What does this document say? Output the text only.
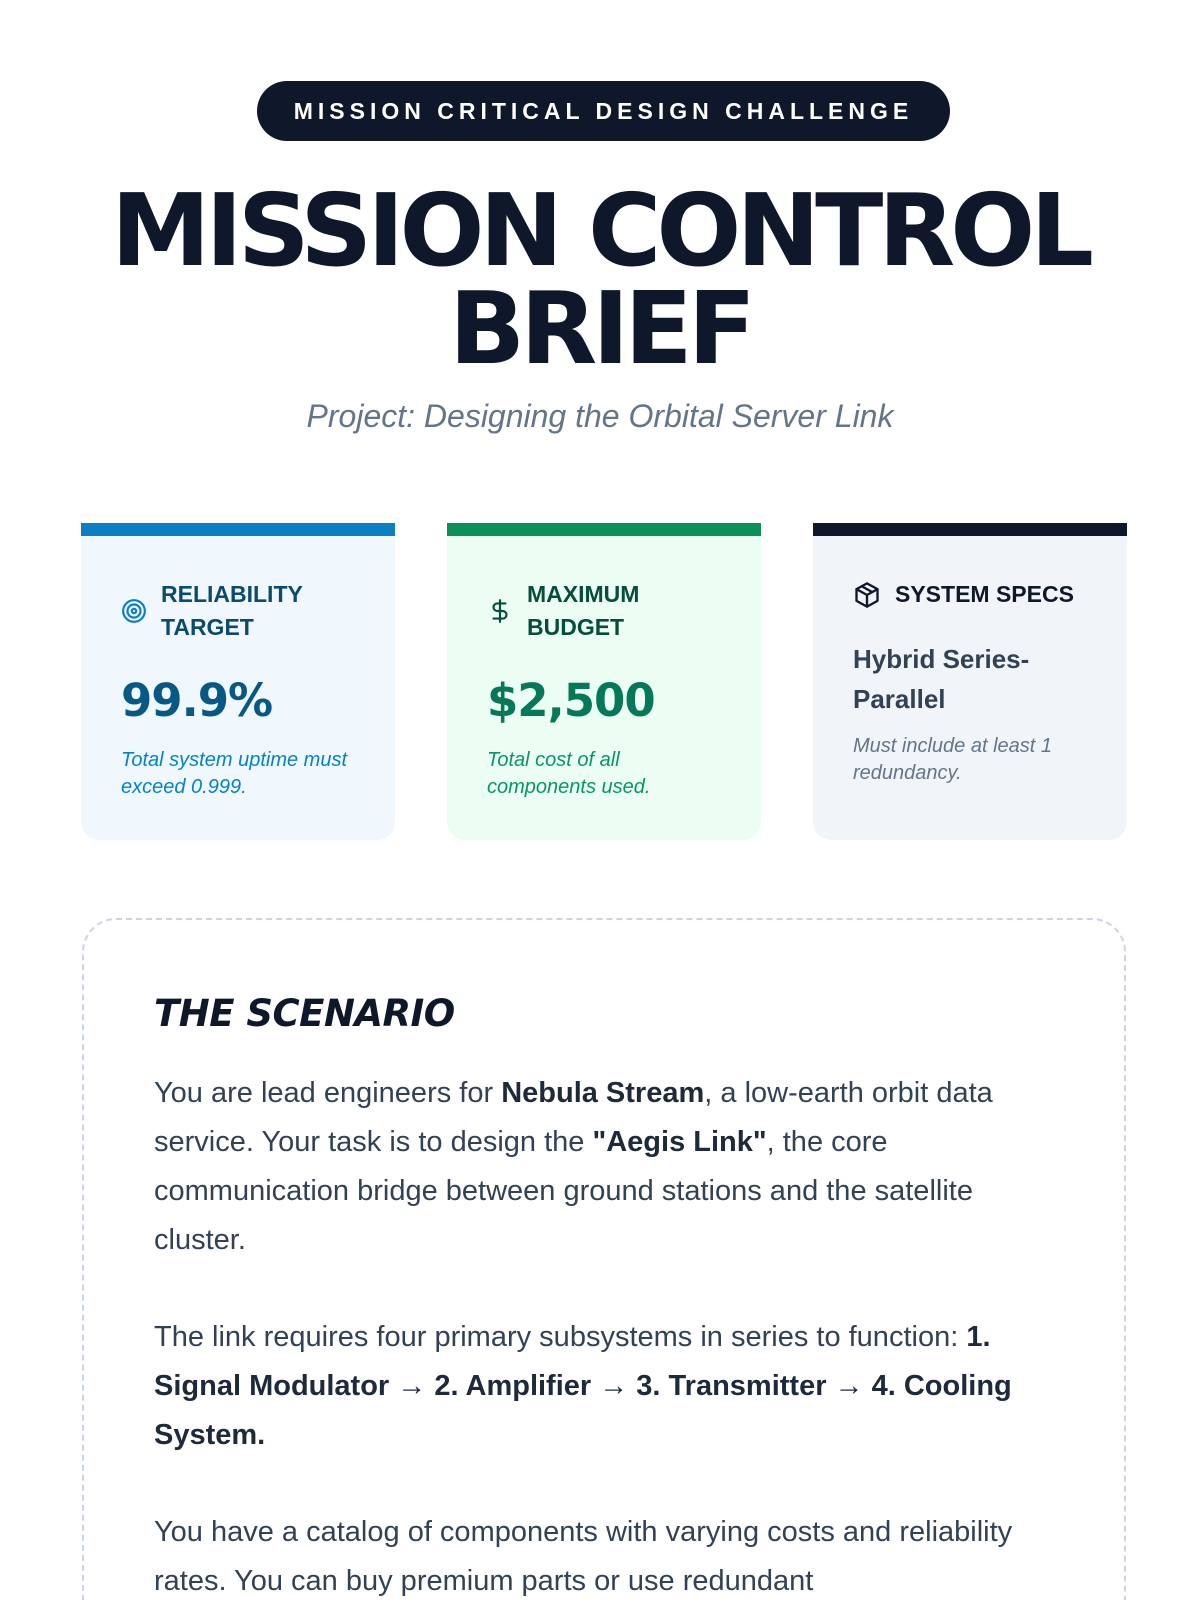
MISSION CRITICAL DESIGN CHALLENGE
MISSION CONTROL
BRIEF
Project: Designing the Orbital Server Link
RELIABILITY TARGET
99.9%
Total system uptime must exceed 0.999.
MAXIMUM BUDGET
$2,500
Total cost of all components used.
SYSTEM SPECS
Hybrid Series-Parallel
Must include at least 1 redundancy.
THE SCENARIO

You are lead engineers for Nebula Stream, a low-earth orbit data service. Your task is to design the "Aegis Link", the core communication bridge between ground stations and the satellite cluster.

The link requires four primary subsystems in series to function: 1. Signal Modulator → 2. Amplifier → 3. Transmitter → 4. Cooling System.

You have a catalog of components with varying costs and reliability rates. You can buy premium parts or use redundant
